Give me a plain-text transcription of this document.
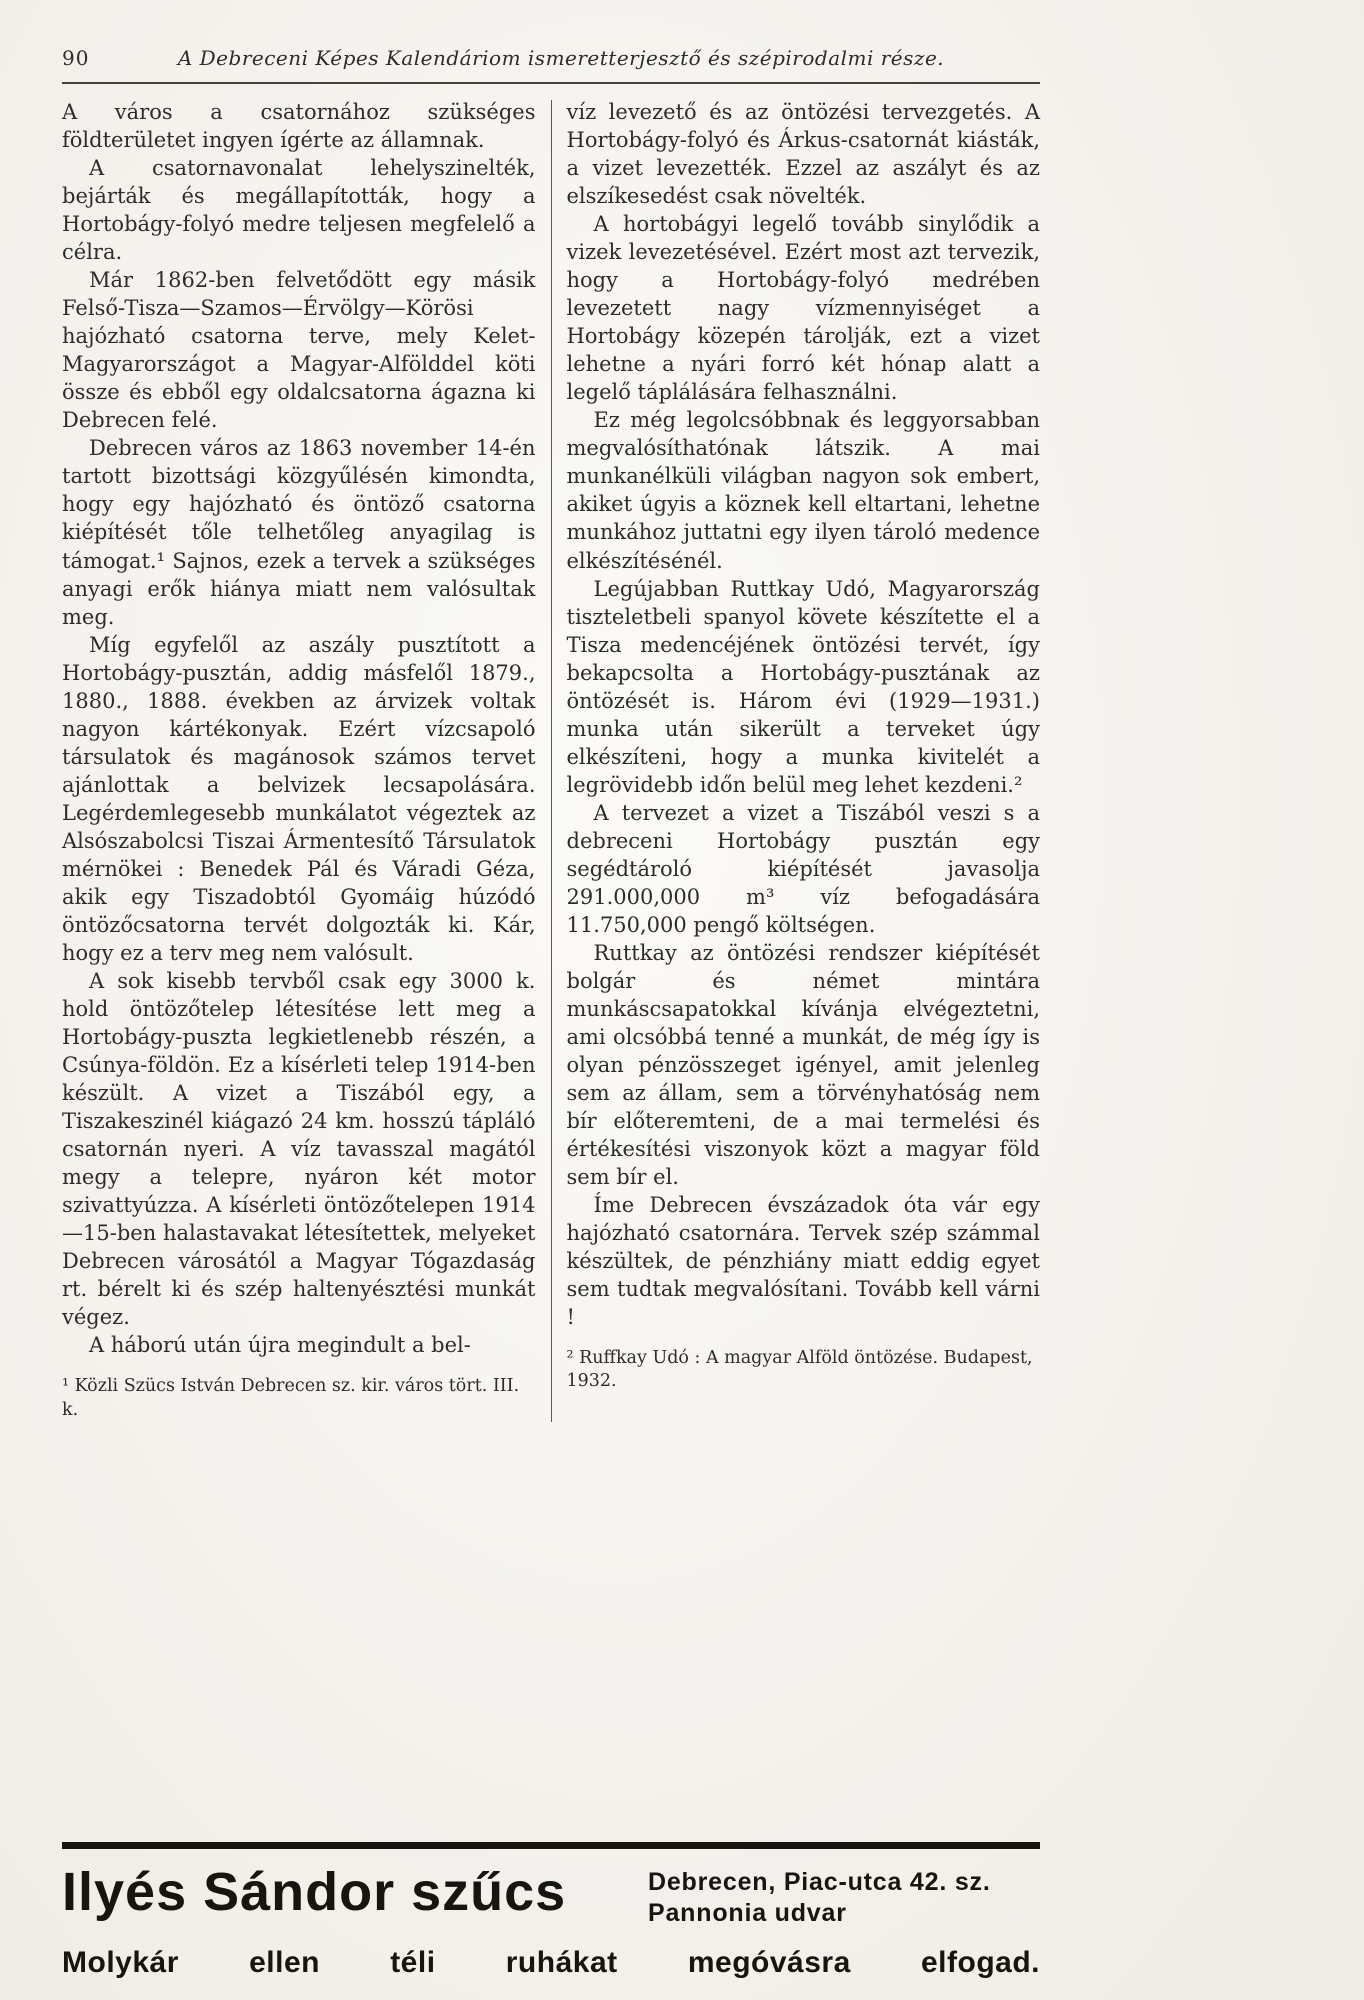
90	A Debreceni Képes Kalendáriom ismeretterjesztő és szépirodalmi része.

A város a csatornához szükséges földterületet ingyen ígérte az államnak.

A csatornavonalat lehelyszinelték, bejárták és megállapították, hogy a Hortobágy-folyó medre teljesen megfelelő a célra.

Már 1862-ben felvetődött egy másik Felső-Tisza—Szamos—Érvölgy—Körösi hajózható csatorna terve, mely Kelet-Magyarországot a Magyar-Alfölddel köti össze és ebből egy oldalcsatorna ágazna ki Debrecen felé.

Debrecen város az 1863 november 14-én tartott bizottsági közgyűlésén kimondta, hogy egy hajózható és öntöző csatorna kiépítését tőle telhetőleg anyagilag is támogat.¹ Sajnos, ezek a tervek a szükséges anyagi erők hiánya miatt nem valósultak meg.

Míg egyfelől az aszály pusztított a Hortobágy-pusztán, addig másfelől 1879., 1880., 1888. években az árvizek voltak nagyon kártékonyak. Ezért vízcsapoló társulatok és magánosok számos tervet ajánlottak a belvizek lecsapolására. Legérdemlegesebb munkálatot végeztek az Alsószabolcsi Tiszai Ármentesítő Társulatok mérnökei : Benedek Pál és Váradi Géza, akik egy Tiszadobtól Gyomáig húzódó öntözőcsatorna tervét dolgozták ki. Kár, hogy ez a terv meg nem valósult.

A sok kisebb tervből csak egy 3000 k. hold öntözőtelep létesítése lett meg a Hortobágy-puszta legkietlenebb részén, a Csúnya-földön. Ez a kísérleti telep 1914-ben készült. A vizet a Tiszából egy, a Tiszakeszinél kiágazó 24 km. hosszú tápláló csatornán nyeri. A víz tavasszal magától megy a telepre, nyáron két motor szivattyúzza. A kísérleti öntözőtelepen 1914—15-ben halastavakat létesítettek, melyeket Debrecen városától a Magyar Tógazdaság rt. bérelt ki és szép haltenyésztési munkát végez.

A háború után újra megindult a bel-

¹ Közli Szücs István Debrecen sz. kir. város tört. III. k.

víz levezető és az öntözési tervezgetés. A Hortobágy-folyó és Árkus-csatornát kiásták, a vizet levezették. Ezzel az aszályt és az elszíkesedést csak növelték.

A hortobágyi legelő tovább sinylődik a vizek levezetésével. Ezért most azt tervezik, hogy a Hortobágy-folyó medrében levezetett nagy vízmennyiséget a Hortobágy közepén tárolják, ezt a vizet lehetne a nyári forró két hónap alatt a legelő táplálására felhasználni.

Ez még legolcsóbbnak és leggyorsabban megvalósíthatónak látszik. A mai munkanélküli világban nagyon sok embert, akiket úgyis a köznek kell eltartani, lehetne munkához juttatni egy ilyen tároló medence elkészítésénél.

Legújabban Ruttkay Udó, Magyarország tiszteletbeli spanyol követe készítette el a Tisza medencéjének öntözési tervét, így bekapcsolta a Hortobágy-pusztának az öntözését is. Három évi (1929—1931.) munka után sikerült a terveket úgy elkészíteni, hogy a munka kivitelét a legrövidebb időn belül meg lehet kezdeni.²

A tervezet a vizet a Tiszából veszi s a debreceni Hortobágy pusztán egy segédtároló kiépítését javasolja 291.000,000 m³ víz befogadására 11.750,000 pengő költségen.

Ruttkay az öntözési rendszer kiépítését bolgár és német mintára munkáscsapatokkal kívánja elvégeztetni, ami olcsóbbá tenné a munkát, de még így is olyan pénzösszeget igényel, amit jelenleg sem az állam, sem a törvényhatóság nem bír előteremteni, de a mai termelési és értékesítési viszonyok közt a magyar föld sem bír el.

Íme Debrecen évszázadok óta vár egy hajózható csatornára. Tervek szép számmal készültek, de pénzhiány miatt eddig egyet sem tudtak megvalósítani. Tovább kell várni !

² Ruffkay Udó : A magyar Alföld öntözése. Budapest, 1932.
Ilyés Sándor szűcs	Debrecen, Piac-utca 42. sz.
Pannonia udvar
Molykár ellen téli ruhákat megóvásra elfogad.
